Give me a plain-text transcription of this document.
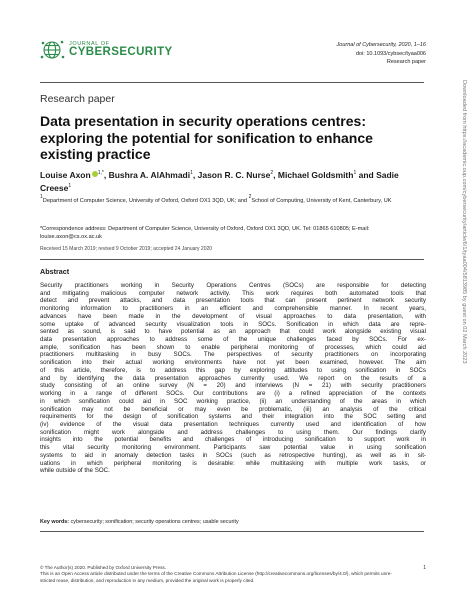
JOURNAL OF
CYBERSECURITY
Journal of Cybersecurity, 2020, 1–16
doi: 10.1093/cybsec/tyaa006
Research paper
Research paper
Data presentation in security operations centres: exploring the potential for sonification to enhance existing practice
Louise Axon $^{1,*}$, Bushra A. AlAhmadi$^1$, Jason R. C. Nurse$^2$, Michael Goldsmith$^1$ and Sadie Creese$^1$
$^1$Department of Computer Science, University of Oxford, Oxford OX1 3QD, UK; and $^2$School of Computing, University of Kent, Canterbury, UK
*Correspondence address: Department of Computer Science, University of Oxford, Oxford OX1 3QD, UK. Tel: 01865 610805; E-mail: louise.axon@cs.ox.ac.uk
Received 15 March 2019; revised 9 October 2019; accepted 24 January 2020
Abstract
Security practitioners working in Security Operations Centres (SOCs) are responsible for detecting
and mitigating malicious computer network activity. This work requires both automated tools that
detect and prevent attacks, and data presentation tools that can present pertinent network security
monitoring information to practitioners in an efficient and comprehensible manner. In recent years,
advances have been made in the development of visual approaches to data presentation, with
some uptake of advanced security visualization tools in SOCs. Sonification in which data are repre-
sented as sound, is said to have potential as an approach that could work alongside existing visual
data presentation approaches to address some of the unique challenges faced by SOCs. For ex-
ample, sonification has been shown to enable peripheral monitoring of processes, which could aid
practitioners multitasking in busy SOCs. The perspectives of security practitioners on incorporating
sonification into their actual working environments have not yet been examined, however. The aim
of this article, therefore, is to address this gap by exploring attitudes to using sonification in SOCs
and by identifying the data presentation approaches currently used. We report on the results of a
study consisting of an online survey (N = 20) and interviews (N = 21) with security practitioners
working in a range of different SOCs. Our contributions are (i) a refined appreciation of the contexts
in which sonification could aid in SOC working practice, (ii) an understanding of the areas in which
sonification may not be beneficial or may even be problematic, (iii) an analysis of the critical
requirements for the design of sonification systems and their integration into the SOC setting and
(iv) evidence of the visual data presentation techniques currently used and identification of how
sonification might work alongside and address challenges to using them. Our findings clarify
insights into the potential benefits and challenges of introducing sonification to support work in
this vital security monitoring environment. Participants saw potential value in using sonification
systems to aid in anomaly detection tasks in SOCs (such as retrospective hunting), as well as in sit-
uations in which peripheral monitoring is desirable: while multitasking with multiple work tasks, or
while outside of the SOC.
Key words: cybersecurity; sonification; security operations centres; usable security
© The Author(s) 2020. Published by Oxford University Press.
This is an Open Access article distributed under the terms of the Creative Commons Attribution License (http://creativecommons.org/licenses/by/4.0/), which permits unre-
stricted reuse, distribution, and reproduction in any medium, provided the original work is properly cited.
1
Downloaded from https://academic.oup.com/cybersecurity/article/6/1/tyaa004/5813985 by guest on 02 March 2023
